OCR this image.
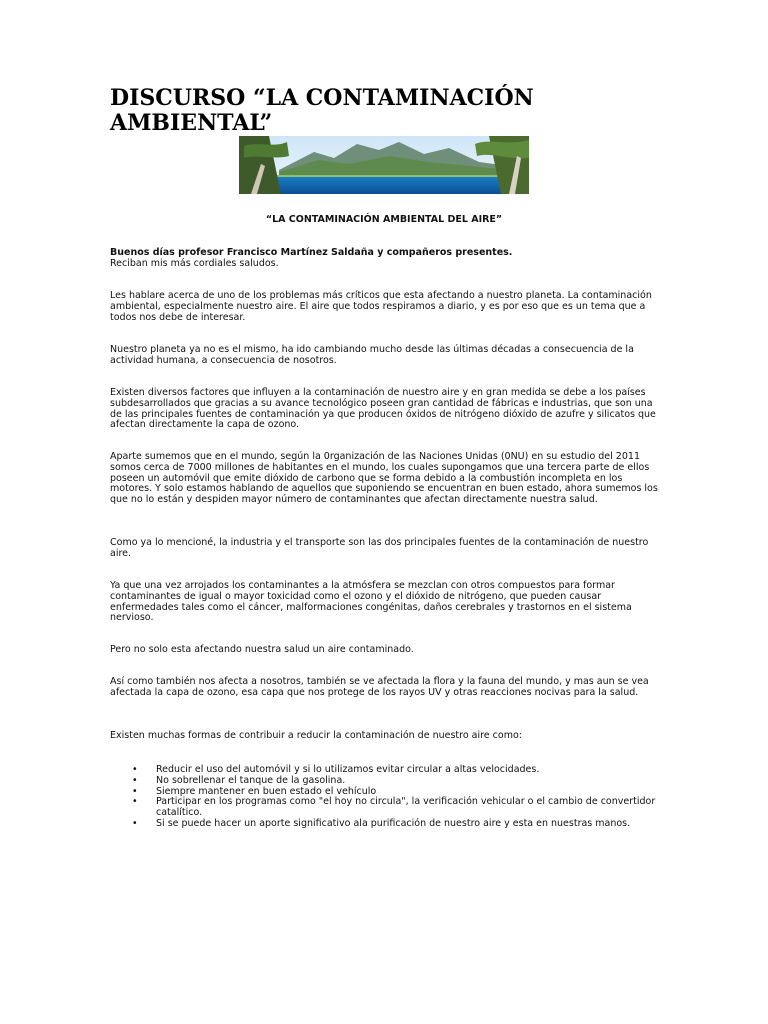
DISCURSO “LA CONTAMINACIÓN AMBIENTAL”

“LA CONTAMINACIÓN AMBIENTAL DEL AIRE”

Buenos días profesor Francisco Martínez Saldaña y compañeros presentes.
Reciban mis más cordiales saludos.

Les hablare acerca de uno de los problemas más críticos que esta afectando a nuestro planeta. La contaminación ambiental, especialmente nuestro aire. El aire que todos respiramos a diario, y es por eso que es un tema que a todos nos debe de interesar.

Nuestro planeta ya no es el mismo, ha ido cambiando mucho desde las últimas décadas a consecuencia de la actividad humana, a consecuencia de nosotros.

Existen diversos factores que influyen a la contaminación de nuestro aire y en gran medida se debe a los países subdesarrollados que gracias a su avance tecnológico poseen gran cantidad de fábricas e industrias, que son una de las principales fuentes de contaminación ya que producen óxidos de nitrógeno dióxido de azufre y silicatos que afectan directamente la capa de ozono.

Aparte sumemos que en el mundo, según la 0rganización de las Naciones Unidas (0NU) en su estudio del 2011 somos cerca de 7000 millones de habitantes en el mundo, los cuales supongamos que una tercera parte de ellos poseen un automóvil que emite dióxido de carbono que se forma debido a la combustión incompleta en los motores. Y solo estamos hablando de aquellos que suponiendo se encuentran en buen estado, ahora sumemos los que no lo están y despiden mayor número de contaminantes que afectan directamente nuestra salud.

Como ya lo mencioné, la industria y el transporte son las dos principales fuentes de la contaminación de nuestro aire.

Ya que una vez arrojados los contaminantes a la atmósfera se mezclan con otros compuestos para formar contaminantes de igual o mayor toxicidad como el ozono y el dióxido de nitrógeno, que pueden causar enfermedades tales como el cáncer, malformaciones congénitas, daños cerebrales y trastornos en el sistema nervioso.

Pero no solo esta afectando nuestra salud un aire contaminado.

Así como también nos afecta a nosotros, también se ve afectada la flora y la fauna del mundo, y mas aun se vea afectada la capa de ozono, esa capa que nos protege de los rayos UV y otras reacciones nocivas para la salud.

Existen muchas formas de contribuir a reducir la contaminación de nuestro aire como:

• Reducir el uso del automóvil y si lo utilizamos evitar circular a altas velocidades.
• No sobrellenar el tanque de la gasolina.
• Siempre mantener en buen estado el vehículo
• Participar en los programas como "el hoy no circula", la verificación vehicular o el cambio de convertidor catalítico.
• Si se puede hacer un aporte significativo ala purificación de nuestro aire y esta en nuestras manos.
